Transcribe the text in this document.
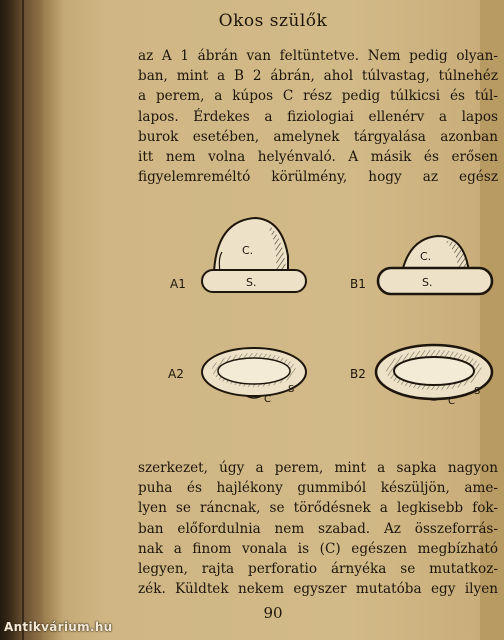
Okos szülők
az A 1 ábrán van feltüntetve. Nem pedig olyan-
ban, mint a B 2 ábrán, ahol túlvastag, túlnehéz
a perem, a kúpos C rész pedig túlkicsi és túl-
lapos. Érdekes a fiziologiai ellenérv a lapos
burok esetében, amelynek tárgyalása azonban
itt nem volna helyénvaló. A másik és erősen
figyelemreméltó körülmény, hogy az egész
C.
S.
A1
C.
S.
B1
C
S
A2
C
S
B2
szerkezet, úgy a perem, mint a sapka nagyon
puha és hajlékony gummiból készüljön, ame-
lyen se ráncnak, se törődésnek a legkisebb fok-
ban előfordulnia nem szabad. Az összeforrás-
nak a finom vonala is (C) egészen megbízható
legyen, rajta perforatio árnyéka se mutatkoz-
zék. Küldtek nekem egyszer mutatóba egy ilyen
90
Antikvárium.hu
